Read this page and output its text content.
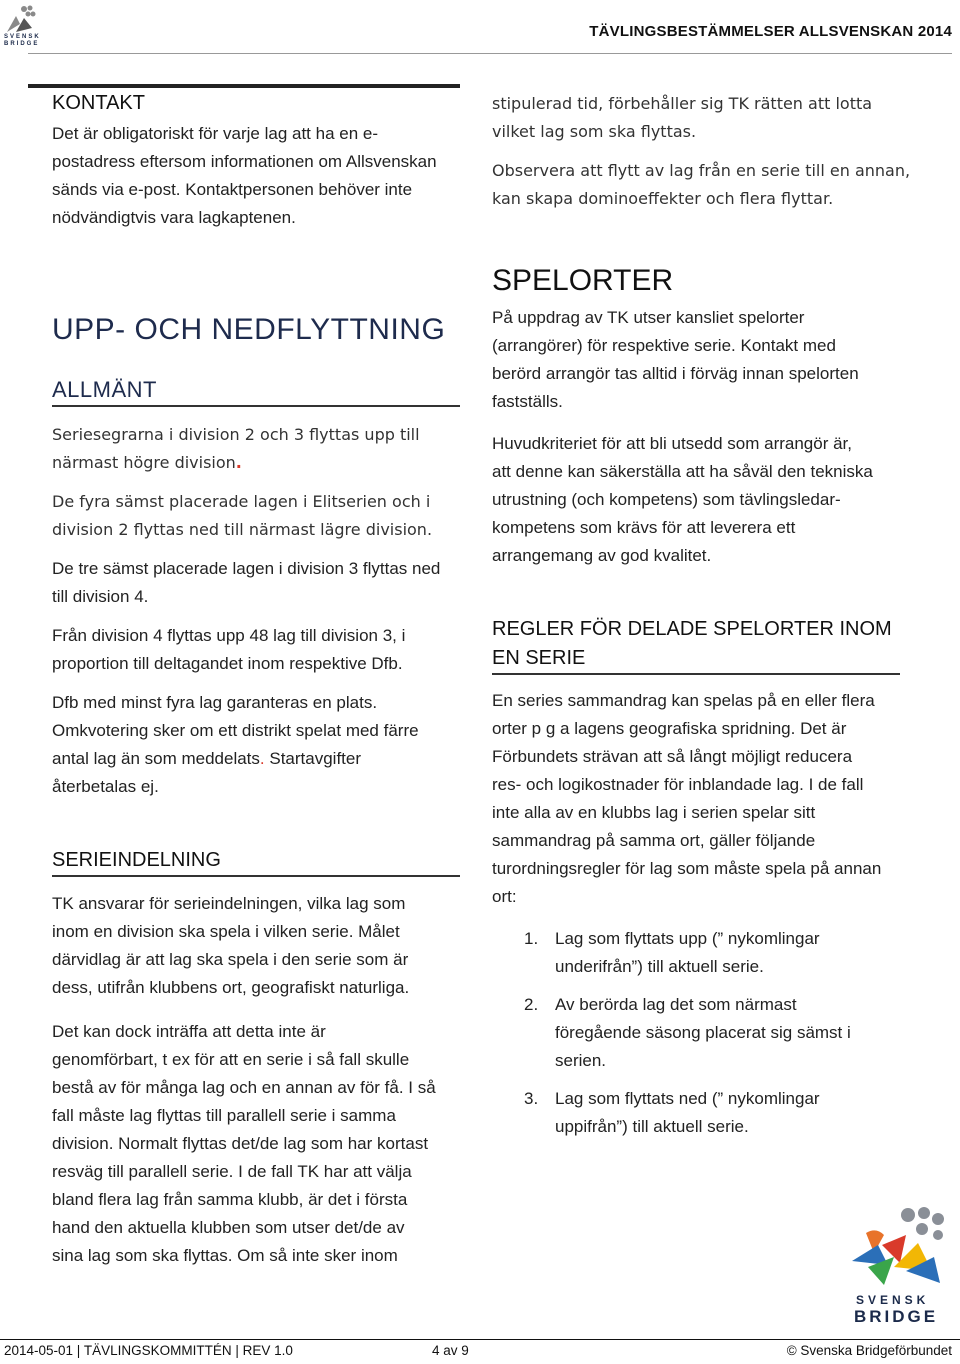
SVENSK
BRIDGE
TÄVLINGSBESTÄMMELSER ALLSVENSKAN 2014
KONTAKT
Det är obligatoriskt för varje lag att ha en e-
postadress eftersom informationen om Allsvenskan
sänds via e-post. Kontaktpersonen behöver inte
nödvändigtvis vara lagkaptenen.
UPP- OCH NEDFLYTTNING
ALLMÄNT
Seriesegrarna i division 2 och 3 flyttas upp till
närmast högre division.
De fyra sämst placerade lagen i Elitserien och i
division 2 flyttas ned till närmast lägre division.
De tre sämst placerade lagen i division 3 flyttas ned
till division 4.
Från division 4 flyttas upp 48 lag till division 3, i
proportion till deltagandet inom respektive Dfb.
Dfb med minst fyra lag garanteras en plats.
Omkvotering sker om ett distrikt spelat med färre
antal lag än som meddelats. Startavgifter
återbetalas ej.
SERIEINDELNING
TK ansvarar för serieindelningen, vilka lag som
inom en division ska spela i vilken serie. Målet
därvidlag är att lag ska spela i den serie som är
dess, utifrån klubbens ort, geografiskt naturliga.
Det kan dock inträffa att detta inte är
genomförbart, t ex för att en serie i så fall skulle
bestå av för många lag och en annan av för få. I så
fall måste lag flyttas till parallell serie i samma
division. Normalt flyttas det/de lag som har kortast
resväg till parallell serie. I de fall TK har att välja
bland flera lag från samma klubb, är det i första
hand den aktuella klubben som utser det/de av
sina lag som ska flyttas. Om så inte sker inom
stipulerad tid, förbehåller sig TK rätten att lotta
vilket lag som ska flyttas.
Observera att flytt av lag från en serie till en annan,
kan skapa dominoeffekter och flera flyttar.
SPELORTER
På uppdrag av TK utser kansliet spelorter
(arrangörer) för respektive serie. Kontakt med
berörd arrangör tas alltid i förväg innan spelorten
fastställs.
Huvudkriteriet för att bli utsedd som arrangör är,
att denne kan säkerställa att ha såväl den tekniska
utrustning (och kompetens) som tävlingsledar-
kompetens som krävs för att leverera ett
arrangemang av god kvalitet.
REGLER FÖR DELADE SPELORTER INOM
EN SERIE
En series sammandrag kan spelas på en eller flera
orter p g a lagens geografiska spridning. Det är
Förbundets strävan att så långt möjligt reducera
res- och logikostnader för inblandade lag. I de fall
inte alla av en klubbs lag i serien spelar sitt
sammandrag på samma ort, gäller följande
turordningsregler för lag som måste spela på annan
ort:
1. Lag som flyttats upp (” nykomlingar
underifrån”) till aktuell serie.
2. Av berörda lag det som närmast
föregående säsong placerat sig sämst i
serien.
3. Lag som flyttats ned (” nykomlingar
uppifrån”) till aktuell serie.
SVENSK
BRIDGE
2014-05-01 | TÄVLINGSKOMMITTÉN | REV 1.0	4 av 9	© Svenska Bridgeförbundet
